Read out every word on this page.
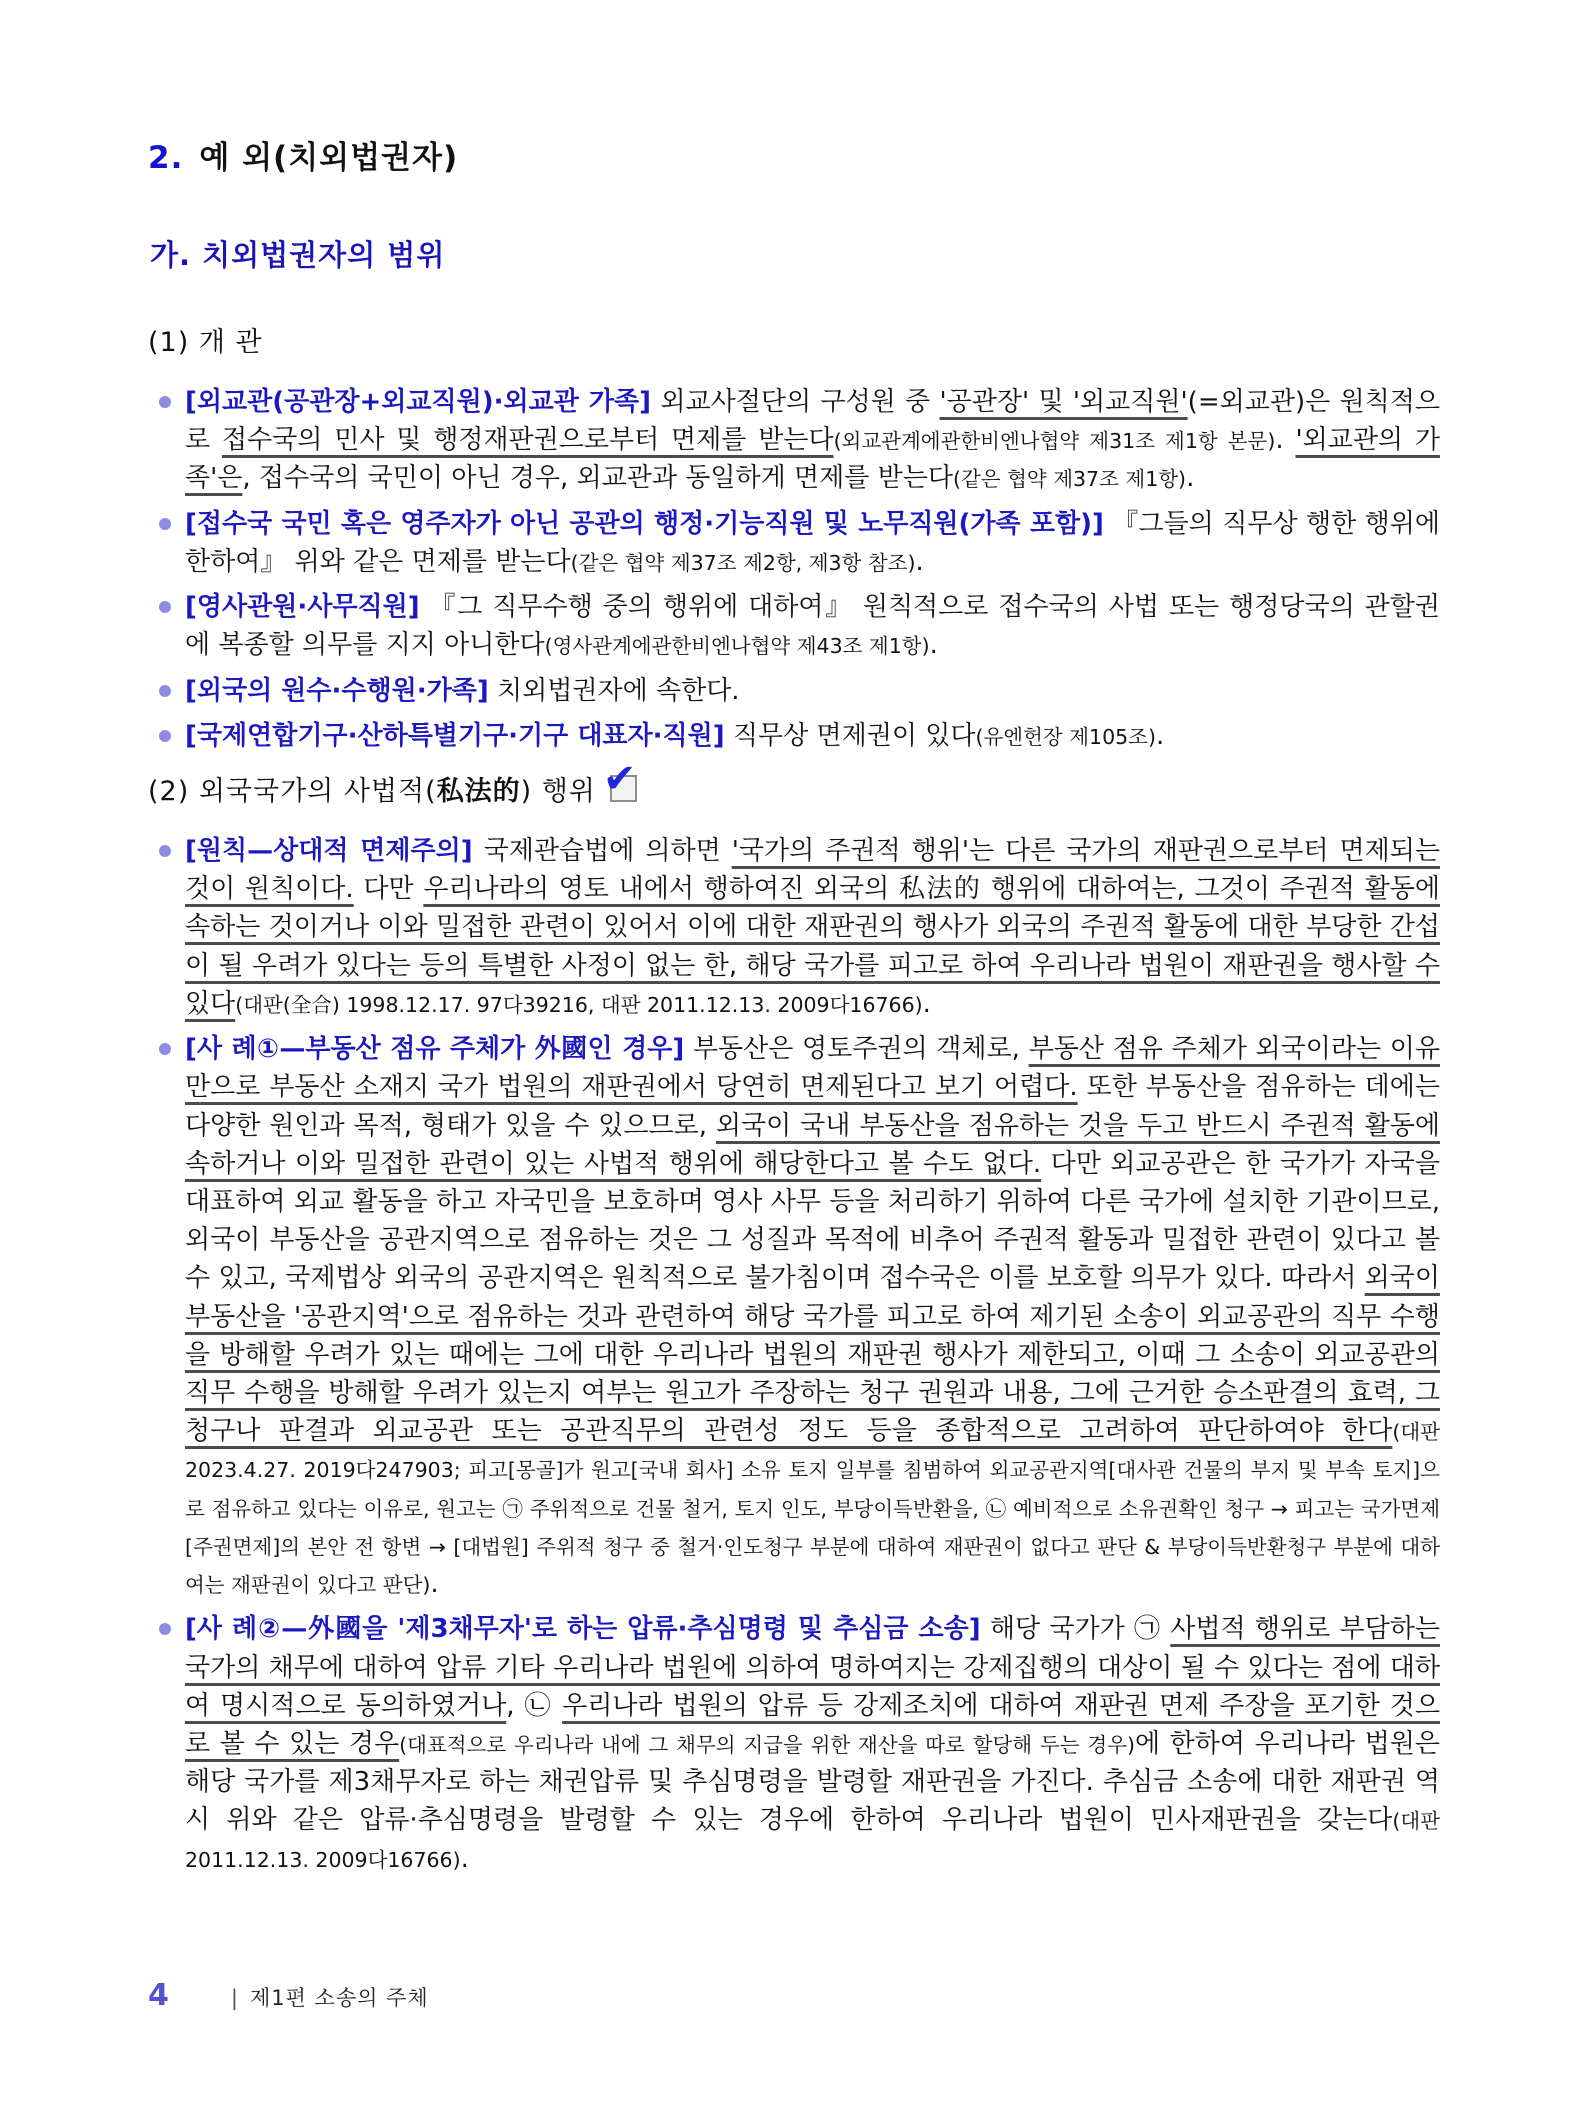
2. 예 외(치외법권자)
가. 치외법권자의 범위
(1) 개 관
[외교관(공관장+외교직원)·외교관 가족] 외교사절단의 구성원 중 '공관장' 및 '외교직원'(=외교관)은 원칙적으로 접수국의 민사 및 행정재판권으로부터 면제를 받는다(외교관계에관한비엔나협약 제31조 제1항 본문). '외교관의 가족'은, 접수국의 국민이 아닌 경우, 외교관과 동일하게 면제를 받는다(같은 협약 제37조 제1항).
[접수국 국민 혹은 영주자가 아닌 공관의 행정·기능직원 및 노무직원(가족 포함)] 『그들의 직무상 행한 행위에 한하여』 위와 같은 면제를 받는다(같은 협약 제37조 제2항, 제3항 참조).
[영사관원·사무직원] 『그 직무수행 중의 행위에 대하여』 원칙적으로 접수국의 사법 또는 행정당국의 관할권에 복종할 의무를 지지 아니한다(영사관계에관한비엔나협약 제43조 제1항).
[외국의 원수·수행원·가족] 치외법권자에 속한다.
[국제연합기구·산하특별기구·기구 대표자·직원] 직무상 면제권이 있다(유엔헌장 제105조).
(2) 외국국가의 사법적(私法的) 행위 ✔
[원칙—상대적 면제주의] 국제관습법에 의하면 '국가의 주권적 행위'는 다른 국가의 재판권으로부터 면제되는 것이 원칙이다. 다만 우리나라의 영토 내에서 행하여진 외국의 私法的 행위에 대하여는, 그것이 주권적 활동에 속하는 것이거나 이와 밀접한 관련이 있어서 이에 대한 재판권의 행사가 외국의 주권적 활동에 대한 부당한 간섭이 될 우려가 있다는 등의 특별한 사정이 없는 한, 해당 국가를 피고로 하여 우리나라 법원이 재판권을 행사할 수 있다(대판(全合) 1998.12.17. 97다39216, 대판 2011.12.13. 2009다16766).
[사 례①—부동산 점유 주체가 外國인 경우] 부동산은 영토주권의 객체로, 부동산 점유 주체가 외국이라는 이유만으로 부동산 소재지 국가 법원의 재판권에서 당연히 면제된다고 보기 어렵다. 또한 부동산을 점유하는 데에는 다양한 원인과 목적, 형태가 있을 수 있으므로, 외국이 국내 부동산을 점유하는 것을 두고 반드시 주권적 활동에 속하거나 이와 밀접한 관련이 있는 사법적 행위에 해당한다고 볼 수도 없다. 다만 외교공관은 한 국가가 자국을 대표하여 외교 활동을 하고 자국민을 보호하며 영사 사무 등을 처리하기 위하여 다른 국가에 설치한 기관이므로, 외국이 부동산을 공관지역으로 점유하는 것은 그 성질과 목적에 비추어 주권적 활동과 밀접한 관련이 있다고 볼 수 있고, 국제법상 외국의 공관지역은 원칙적으로 불가침이며 접수국은 이를 보호할 의무가 있다. 따라서 외국이 부동산을 '공관지역'으로 점유하는 것과 관련하여 해당 국가를 피고로 하여 제기된 소송이 외교공관의 직무 수행을 방해할 우려가 있는 때에는 그에 대한 우리나라 법원의 재판권 행사가 제한되고, 이때 그 소송이 외교공관의 직무 수행을 방해할 우려가 있는지 여부는 원고가 주장하는 청구 권원과 내용, 그에 근거한 승소판결의 효력, 그 청구나 판결과 외교공관 또는 공관직무의 관련성 정도 등을 종합적으로 고려하여 판단하여야 한다(대판 2023.4.27. 2019다247903; 피고[몽골]가 원고[국내 회사] 소유 토지 일부를 침범하여 외교공관지역[대사관 건물의 부지 및 부속 토지]으로 점유하고 있다는 이유로, 원고는 ㉠ 주위적으로 건물 철거, 토지 인도, 부당이득반환을, ㉡ 예비적으로 소유권확인 청구 → 피고는 국가면제[주권면제]의 본안 전 항변 → [대법원] 주위적 청구 중 철거·인도청구 부분에 대하여 재판권이 없다고 판단 & 부당이득반환청구 부분에 대하여는 재판권이 있다고 판단).
[사 례②—外國을 '제3채무자'로 하는 압류·추심명령 및 추심금 소송] 해당 국가가 ㉠ 사법적 행위로 부담하는 국가의 채무에 대하여 압류 기타 우리나라 법원에 의하여 명하여지는 강제집행의 대상이 될 수 있다는 점에 대하여 명시적으로 동의하였거나, ㉡ 우리나라 법원의 압류 등 강제조치에 대하여 재판권 면제 주장을 포기한 것으로 볼 수 있는 경우(대표적으로 우리나라 내에 그 채무의 지급을 위한 재산을 따로 할당해 두는 경우)에 한하여 우리나라 법원은 해당 국가를 제3채무자로 하는 채권압류 및 추심명령을 발령할 재판권을 가진다. 추심금 소송에 대한 재판권 역시 위와 같은 압류·추심명령을 발령할 수 있는 경우에 한하여 우리나라 법원이 민사재판권을 갖는다(대판 2011.12.13. 2009다16766).
4	| 제1편 소송의 주체
